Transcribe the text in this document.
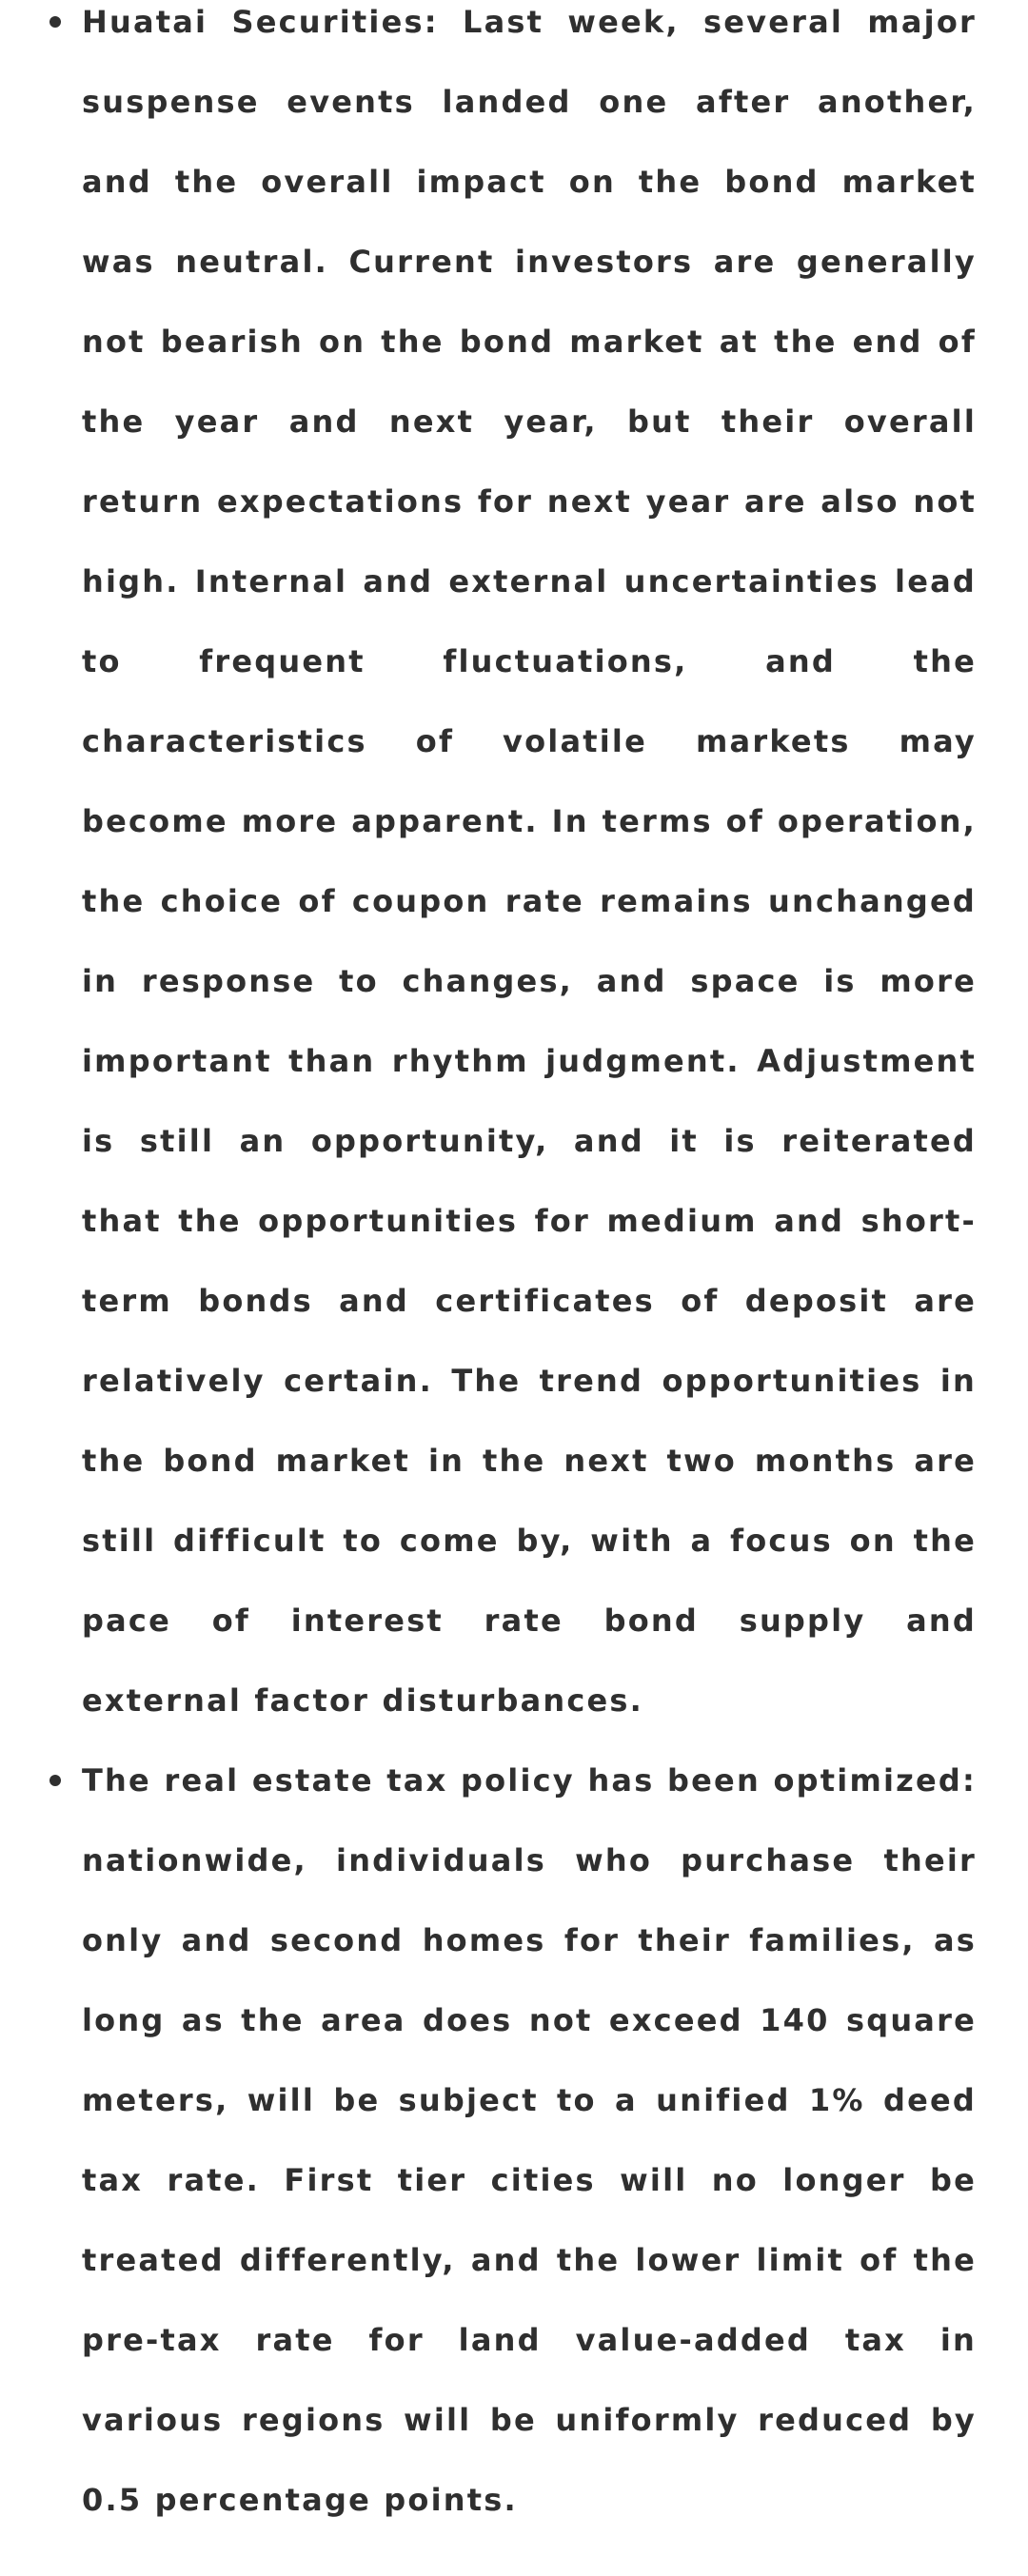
Huatai Securities: Last week, several major suspense events landed one after another, and the overall impact on the bond market was neutral. Current investors are generally not bearish on the bond market at the end of the year and next year, but their overall return expectations for next year are also not high. Internal and external uncertainties lead to frequent fluctuations, and the characteristics of volatile markets may become more apparent. In terms of operation, the choice of coupon rate remains unchanged in response to changes, and space is more important than rhythm judgment. Adjustment is still an opportunity, and it is reiterated that the opportunities for medium and short-term bonds and certificates of deposit are relatively certain. The trend opportunities in the bond market in the next two months are still difficult to come by, with a focus on the pace of interest rate bond supply and external factor disturbances.
The real estate tax policy has been optimized: nationwide, individuals who purchase their only and second homes for their families, as long as the area does not exceed 140 square meters, will be subject to a unified 1% deed tax rate. First tier cities will no longer be treated differently, and the lower limit of the pre-tax rate for land value-added tax in various regions will be uniformly reduced by 0.5 percentage points.
